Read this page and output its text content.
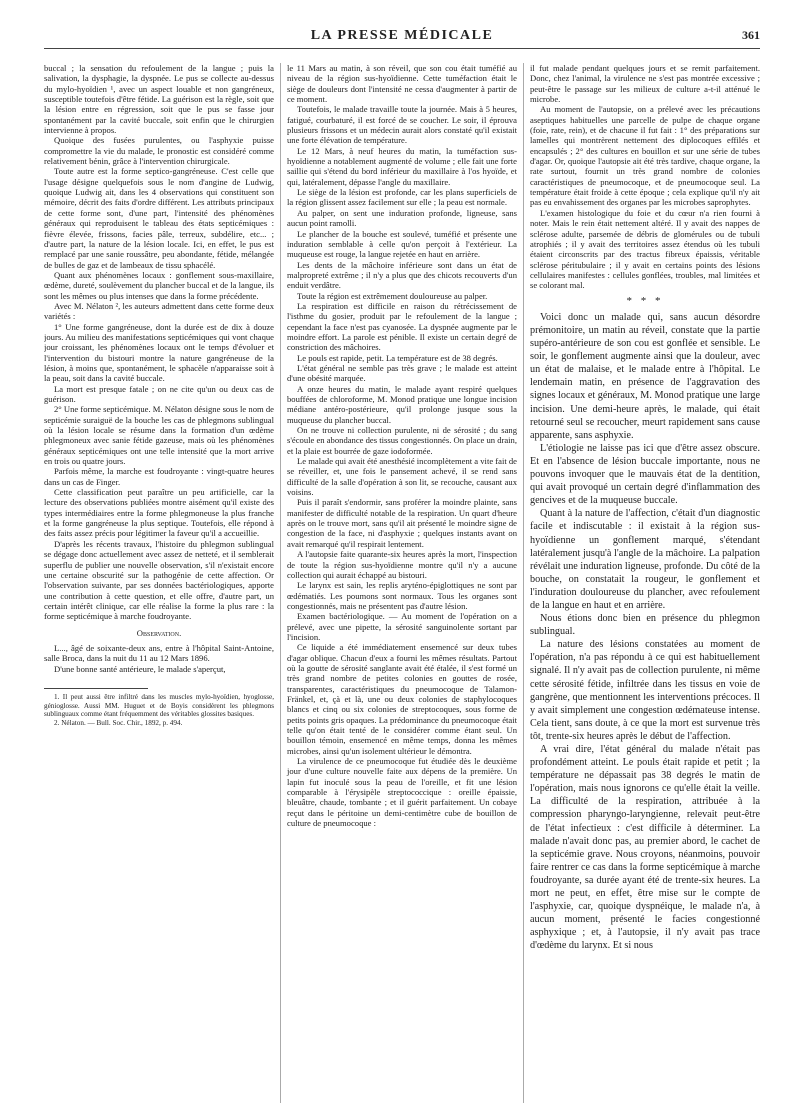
LA PRESSE MÉDICALE	361

buccal ; la sensation du refoulement de la langue ; puis la salivation, la dysphagie, la dyspnée. Le pus se collecte au-dessus du mylo-hyoïdien ¹, avec un aspect louable et non gangréneux, susceptible toutefois d'être fétide. La guérison est la règle, soit que la lésion entre en régression, soit que le pus se fasse jour spontanément par la cavité buccale, soit enfin que le chirurgien intervienne à propos.

Quoique des fusées purulentes, ou l'asphyxie puisse compromettre la vie du malade, le pronostic est considéré comme relativement bénin, grâce à l'intervention chirurgicale.

Toute autre est la forme septico-gangréneuse. C'est celle que l'usage désigne quelquefois sous le nom d'angine de Ludwig, quoique Ludwig ait, dans les 4 observations qui constituent son mémoire, décrit des faits d'ordre différent. Les attributs principaux de cette forme sont, d'une part, l'intensité des phénomènes généraux qui reproduisent le tableau des états septicémiques : fièvre élevée, frissons, facies pâle, terreux, subdélire, etc... ; d'autre part, la nature de la lésion locale. Ici, en effet, le pus est remplacé par une sanie roussâtre, peu abondante, fétide, mélangée de bulles de gaz et de lambeaux de tissu sphacélé.

Quant aux phénomènes locaux : gonflement sous-maxillaire, œdème, dureté, soulèvement du plancher buccal et de la langue, ils sont les mêmes ou plus intenses que dans la forme précédente.

Avec M. Nélaton ², les auteurs admettent dans cette forme deux variétés :

1° Une forme gangréneuse, dont la durée est de dix à douze jours. Au milieu des manifestations septicémiques qui vont chaque jour croissant, les phénomènes locaux ont le temps d'évoluer et l'intervention du bistouri montre la nature gangréneuse de la lésion, à moins que, spontanément, le sphacèle n'apparaisse soit à la peau, soit dans la cavité buccale.

La mort est presque fatale ; on ne cite qu'un ou deux cas de guérison.

2° Une forme septicémique. M. Nélaton désigne sous le nom de septicémie suraiguë de la bouche les cas de phlegmons sublingual où la lésion locale se résume dans la formation d'un œdème phlegmoneux avec sanie fétide gazeuse, mais où les phénomènes généraux septicémiques ont une telle intensité que la mort arrive en trois ou quatre jours.

Parfois même, la marche est foudroyante : vingt-quatre heures dans un cas de Finger.

Cette classification peut paraître un peu artificielle, car la lecture des observations publiées montre aisément qu'il existe des types intermédiaires entre la forme phlegmoneuse la plus franche et la forme gangréneuse la plus septique. Toutefois, elle répond à des faits assez précis pour légitimer la faveur qu'il a accueillie.

D'après les récents travaux, l'histoire du phlegmon sublingual se dégage donc actuellement avec assez de netteté, et il semblerait superflu de publier une nouvelle observation, s'il n'existait encore une certaine obscurité sur la pathogénie de cette affection. Or l'observation suivante, par ses données bactériologiques, apporte une contribution à cette question, et elle offre, d'autre part, un certain intérêt clinique, car elle réalise la forme la plus rare : la forme septicémique à marche foudroyante.

Observation.

L..., âgé de soixante-deux ans, entre à l'hôpital Saint-Antoine, salle Broca, dans la nuit du 11 au 12 Mars 1896.

D'une bonne santé antérieure, le malade s'aperçut,

1. Il peut aussi être infiltré dans les muscles mylo-hyoïdien, hyoglosse, génioglosse. Aussi MM. Huguet et de Boyis considèrent les phlegmons sublinguaux comme étant fréquemment des véritables glossites basiques.

2. Nélaton. — Bull. Soc. Chir., 1892, p. 494.

le 11 Mars au matin, à son réveil, que son cou était tuméfié au niveau de la région sus-hyoïdienne. Cette tuméfaction était le siège de douleurs dont l'intensité ne cessa d'augmenter à partir de ce moment.

Toutefois, le malade travaille toute la journée. Mais à 5 heures, fatigué, courbaturé, il est forcé de se coucher. Le soir, il éprouva plusieurs frissons et un médecin aurait alors constaté qu'il existait une forte élévation de température.

Le 12 Mars, à neuf heures du matin, la tuméfaction sus-hyoïdienne a notablement augmenté de volume ; elle fait une forte saillie qui s'étend du bord inférieur du maxillaire à l'os hyoïde, et qui, latéralement, dépasse l'angle du maxillaire.

Le siège de la lésion est profonde, car les plans superficiels de la région glissent assez facilement sur elle ; la peau est normale.

Au palper, on sent une induration profonde, ligneuse, sans aucun point ramolli.

Le plancher de la bouche est soulevé, tuméfié et présente une induration semblable à celle qu'on perçoit à l'extérieur. La muqueuse est rouge, la langue rejetée en haut en arrière.

Les dents de la mâchoire inférieure sont dans un état de malpropreté extrême ; il n'y a plus que des chicots recouverts d'un enduit verdâtre.

Toute la région est extrêmement douloureuse au palper.

La respiration est difficile en raison du rétrécissement de l'isthme du gosier, produit par le refoulement de la langue ; cependant la face n'est pas cyanosée. La dyspnée augmente par le moindre effort. La parole est pénible. Il existe un certain degré de constriction des mâchoires.

Le pouls est rapide, petit. La température est de 38 degrés.

L'état général ne semble pas très grave ; le malade est atteint d'une obésité marquée.

A onze heures du matin, le malade ayant respiré quelques bouffées de chloroforme, M. Monod pratique une longue incision médiane antéro-postérieure, qu'il prolonge jusque sous la muqueuse du plancher buccal.

On ne trouve ni collection purulente, ni de sérosité ; du sang s'écoule en abondance des tissus congestionnés. On place un drain, et la plaie est bourrée de gaze iodoformée.

Le malade qui avait été anesthésié incomplètement a vite fait de se réveiller, et, une fois le pansement achevé, il se rend sans difficulté de la salle d'opération à son lit, se recouche, causant aux voisins.

Puis il paraît s'endormir, sans proférer la moindre plainte, sans manifester de difficulté notable de la respiration. Un quart d'heure après on le trouve mort, sans qu'il ait présenté le moindre signe de congestion de la face, ni d'asphyxie ; quelques instants avant on avait remarqué qu'il respirait lentement.

A l'autopsie faite quarante-six heures après la mort, l'inspection de toute la région sus-hyoïdienne montre qu'il n'y a aucune collection qui aurait échappé au bistouri.

Le larynx est sain, les replis aryténo-épiglottiques ne sont par œdématiés. Les poumons sont normaux. Tous les organes sont congestionnés, mais ne présentent pas d'autre lésion.

Examen bactériologique. — Au moment de l'opération on a prélevé, avec une pipette, la sérosité sanguinolente sortant par l'incision.

Ce liquide a été immédiatement ensemencé sur deux tubes d'agar oblique. Chacun d'eux a fourni les mêmes résultats. Partout où la goutte de sérosité sanglante avait été étalée, il s'est formé un très grand nombre de petites colonies en gouttes de rosée, transparentes, caractéristiques du pneumocoque de Talamon-Fränkel, et, çà et là, une ou deux colonies de staphylocoques blancs et cinq ou six colonies de streptocoques, sous forme de petits points gris opaques. La prédominance du pneumocoque était telle qu'on était tenté de le considérer comme étant seul. Un bouillon témoin, ensemencé en même temps, donna les mêmes microbes, ainsi qu'un isolement ultérieur le démontra.

La virulence de ce pneumocoque fut étudiée dès le deuxième jour d'une culture nouvelle faite aux dépens de la première. Un lapin fut inoculé sous la peau de l'oreille, et fit une lésion comparable à l'érysipèle streptococcique : oreille épaissie, bleuâtre, chaude, tombante ; et il guérit parfaitement. Un cobaye reçut dans le péritoine un demi-centimètre cube de bouillon de culture de pneumocoque :

il fut malade pendant quelques jours et se remit parfaitement. Donc, chez l'animal, la virulence ne s'est pas montrée excessive ; peut-être le passage sur les milieux de culture a-t-il atténué le microbe.

Au moment de l'autopsie, on a prélevé avec les précautions aseptiques habituelles une parcelle de pulpe de chaque organe (foie, rate, rein), et de chacune il fut fait : 1° des préparations sur lamelles qui montrèrent nettement des diplocoques effilés et encapsulés ; 2° des cultures en bouillon et sur une série de tubes d'agar. Or, quoique l'autopsie ait été très tardive, chaque organe, la rate surtout, fournit un très grand nombre de colonies caractéristiques de pneumocoque, et de pneumocoque seul. La température était froide à cette époque ; cela explique qu'il n'y ait pas eu envahissement des organes par les microbes saprophytes.

L'examen histologique du foie et du cœur n'a rien fourni à noter. Mais le rein était nettement altéré. Il y avait des nappes de sclérose adulte, parsemée de débris de glomérules ou de tubuli atrophiés ; il y avait des territoires assez étendus où les tubuli étaient circonscrits par des tractus fibreux épaissis, véritable sclérose péritubulaire ; il y avait en certains points des lésions cellulaires manifestes : cellules gonflées, troubles, mal limitées et se colorant mal.

* * *

Voici donc un malade qui, sans aucun désordre prémonitoire, un matin au réveil, constate que la partie supéro-antérieure de son cou est gonflée et sensible. Le soir, le gonflement augmente ainsi que la douleur, avec un état de malaise, et le malade entre à l'hôpital. Le lendemain matin, en présence de l'aggravation des signes locaux et généraux, M. Monod pratique une large incision. Une demi-heure après, le malade, qui était retourné seul se recoucher, meurt rapidement sans cause apparente, sans asphyxie.

L'étiologie ne laisse pas ici que d'être assez obscure. Et en l'absence de lésion buccale importante, nous ne pouvons invoquer que le mauvais état de la dentition, qui avait provoqué un certain degré d'inflammation des gencives et de la muqueuse buccale.

Quant à la nature de l'affection, c'était d'un diagnostic facile et indiscutable : il existait à la région sus-hyoïdienne un gonflement marqué, s'étendant latéralement jusqu'à l'angle de la mâchoire. La palpation révélait une induration ligneuse, profonde. Du côté de la bouche, on constatait la rougeur, le gonflement et l'induration douloureuse du plancher, avec refoulement de la langue en haut et en arrière.

Nous étions donc bien en présence du phlegmon sublingual.

La nature des lésions constatées au moment de l'opération, n'a pas répondu à ce qui est habituellement signalé. Il n'y avait pas de collection purulente, ni même cette sérosité fétide, infiltrée dans les tissus en voie de gangrène, que mentionnent les interventions précoces. Il y avait simplement une congestion œdémateuse intense. Cela tient, sans doute, à ce que la mort est survenue très tôt, trente-six heures après le début de l'affection.

A vrai dire, l'état général du malade n'était pas profondément atteint. Le pouls était rapide et petit ; la température ne dépassait pas 38 degrés le matin de l'opération, mais nous ignorons ce qu'elle était la veille. La difficulté de la respiration, attribuée à la compression pharyngo-laryngienne, relevait peut-être de l'état infectieux : c'est difficile à déterminer. La malade n'avait donc pas, au premier abord, le cachet de la septicémie grave. Nous croyons, néanmoins, pouvoir faire rentrer ce cas dans la forme septicémique à marche foudroyante, sa durée ayant été de trente-six heures. La mort ne peut, en effet, être mise sur le compte de l'asphyxie, car, quoique dyspnéique, le malade n'a, à aucun moment, présenté le facies congestionné asphyxique ; et, à l'autopsie, il n'y avait pas trace d'œdème du larynx. Et si nous
